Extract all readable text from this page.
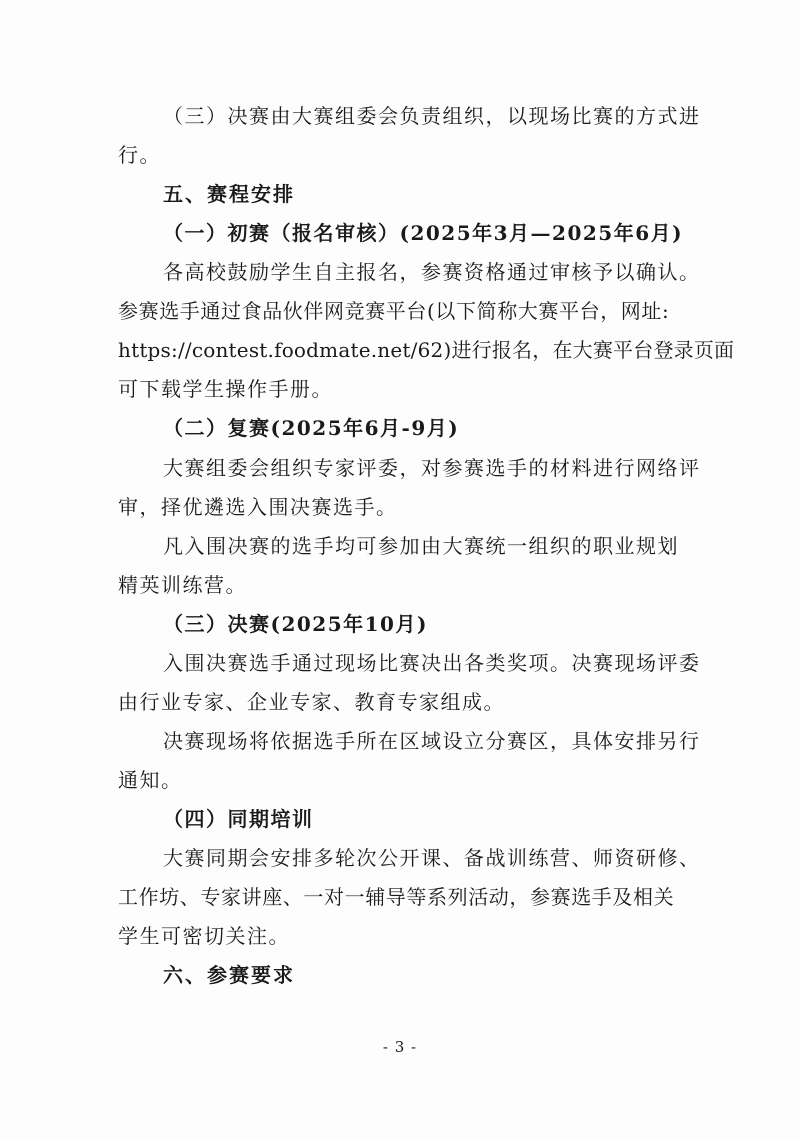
（三）决赛由大赛组委会负责组织，以现场比赛的方式进
行。
五、赛程安排
（一）初赛（报名审核）(2025年3月—2025年6月)
各高校鼓励学生自主报名，参赛资格通过审核予以确认。
参赛选手通过食品伙伴网竞赛平台(以下简称大赛平台，网址:
https://contest.foodmate.net/62)进行报名，在大赛平台登录页面
可下载学生操作手册。
（二）复赛(2025年6月-9月)
大赛组委会组织专家评委，对参赛选手的材料进行网络评
审，择优遴选入围决赛选手。
凡入围决赛的选手均可参加由大赛统一组织的职业规划
精英训练营。
（三）决赛(2025年10月)
入围决赛选手通过现场比赛决出各类奖项。决赛现场评委
由行业专家、企业专家、教育专家组成。
决赛现场将依据选手所在区域设立分赛区，具体安排另行
通知。
（四）同期培训
大赛同期会安排多轮次公开课、备战训练营、师资研修、
工作坊、专家讲座、一对一辅导等系列活动，参赛选手及相关
学生可密切关注。
六、参赛要求
- 3 -
